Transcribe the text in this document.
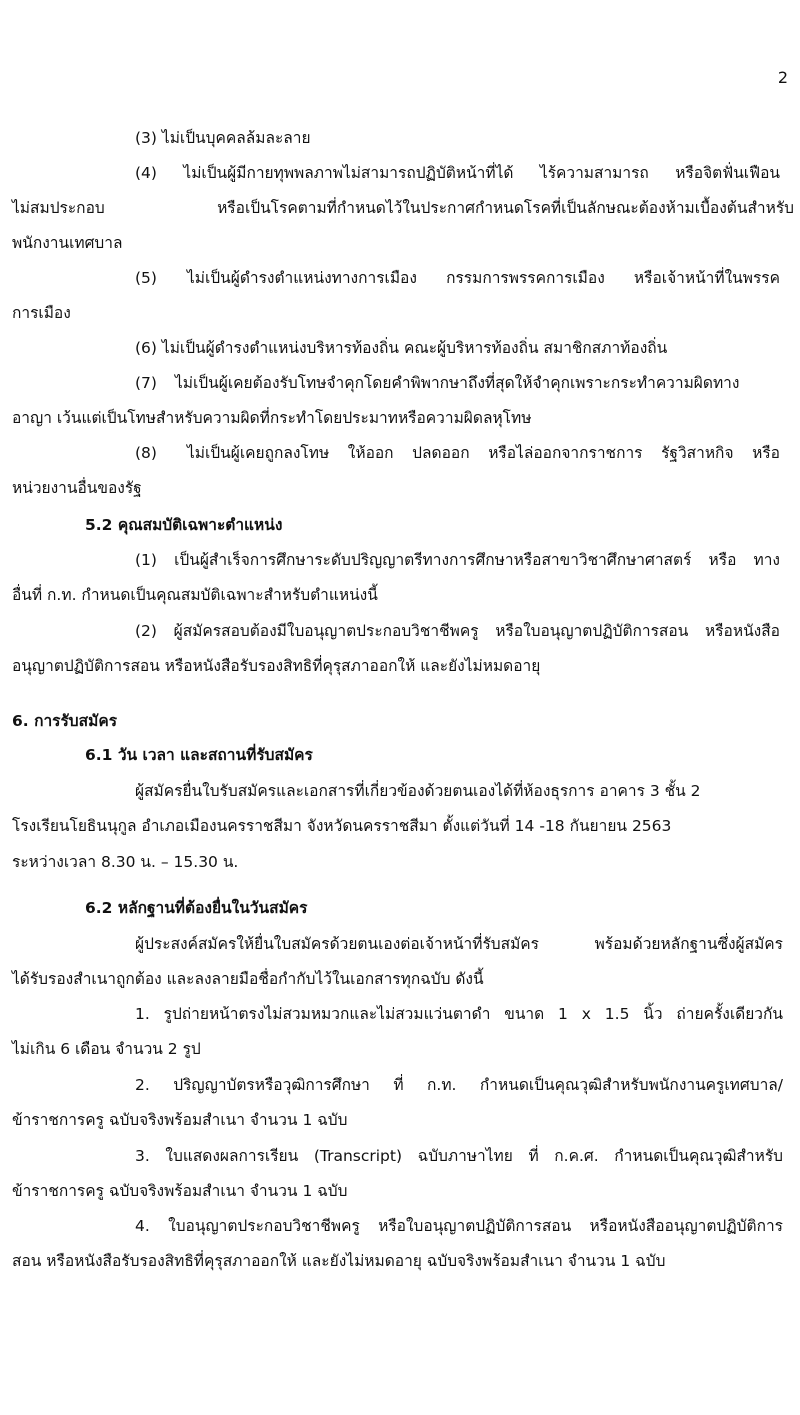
2
(3) ไม่เป็นบุคคลล้มละลาย
(4) ไม่เป็นผู้มีกายทุพพลภาพไม่สามารถปฏิบัติหน้าที่ได้ ไร้ความสามารถ หรือจิตฟั่นเฟือน
ไม่สมประกอบ หรือเป็นโรคตามที่กำหนดไว้ในประกาศกำหนดโรคที่เป็นลักษณะต้องห้ามเบื้องต้นสำหรับ
พนักงานเทศบาล
(5) ไม่เป็นผู้ดำรงตำแหน่งทางการเมือง กรรมการพรรคการเมือง หรือเจ้าหน้าที่ในพรรค
การเมือง
(6) ไม่เป็นผู้ดำรงตำแหน่งบริหารท้องถิ่น คณะผู้บริหารท้องถิ่น สมาชิกสภาท้องถิ่น
(7) ไม่เป็นผู้เคยต้องรับโทษจำคุกโดยคำพิพากษาถึงที่สุดให้จำคุกเพราะกระทำความผิดทาง
อาญา เว้นแต่เป็นโทษสำหรับความผิดที่กระทำโดยประมาทหรือความผิดลหุโทษ
(8) ไม่เป็นผู้เคยถูกลงโทษ ให้ออก ปลดออก หรือไล่ออกจากราชการ รัฐวิสาหกิจ หรือ
หน่วยงานอื่นของรัฐ
5.2 คุณสมบัติเฉพาะตำแหน่ง
(1) เป็นผู้สำเร็จการศึกษาระดับปริญญาตรีทางการศึกษาหรือสาขาวิชาศึกษาศาสตร์ หรือ ทาง
อื่นที่ ก.ท. กำหนดเป็นคุณสมบัติเฉพาะสำหรับตำแหน่งนี้
(2) ผู้สมัครสอบต้องมีใบอนุญาตประกอบวิชาชีพครู หรือใบอนุญาตปฏิบัติการสอน หรือหนังสือ
อนุญาตปฏิบัติการสอน หรือหนังสือรับรองสิทธิที่คุรุสภาออกให้ และยังไม่หมดอายุ
6. การรับสมัคร
6.1 วัน เวลา และสถานที่รับสมัคร
ผู้สมัครยื่นใบรับสมัครและเอกสารที่เกี่ยวข้องด้วยตนเองได้ที่ห้องธุรการ อาคาร 3 ชั้น 2
โรงเรียนโยธินนุกูล อำเภอเมืองนครราชสีมา จังหวัดนครราชสีมา ตั้งแต่วันที่ 14 -18 กันยายน 2563
ระหว่างเวลา 8.30 น. – 15.30 น.
6.2 หลักฐานที่ต้องยื่นในวันสมัคร
ผู้ประสงค์สมัครให้ยื่นใบสมัครด้วยตนเองต่อเจ้าหน้าที่รับสมัคร พร้อมด้วยหลักฐานซึ่งผู้สมัคร
ได้รับรองสำเนาถูกต้อง และลงลายมือชื่อกำกับไว้ในเอกสารทุกฉบับ ดังนี้
1. รูปถ่ายหน้าตรงไม่สวมหมวกและไม่สวมแว่นตาดำ ขนาด 1 x 1.5 นิ้ว ถ่ายครั้งเดียวกัน
ไม่เกิน 6 เดือน จำนวน 2 รูป
2. ปริญญาบัตรหรือวุฒิการศึกษา ที่ ก.ท. กำหนดเป็นคุณวุฒิสำหรับพนักงานครูเทศบาล/
ข้าราชการครู ฉบับจริงพร้อมสำเนา จำนวน 1 ฉบับ
3. ใบแสดงผลการเรียน (Transcript) ฉบับภาษาไทย ที่ ก.ค.ศ. กำหนดเป็นคุณวุฒิสำหรับ
ข้าราชการครู ฉบับจริงพร้อมสำเนา จำนวน 1 ฉบับ
4. ใบอนุญาตประกอบวิชาชีพครู หรือใบอนุญาตปฏิบัติการสอน หรือหนังสืออนุญาตปฏิบัติการ
สอน หรือหนังสือรับรองสิทธิที่คุรุสภาออกให้ และยังไม่หมดอายุ ฉบับจริงพร้อมสำเนา จำนวน 1 ฉบับ
